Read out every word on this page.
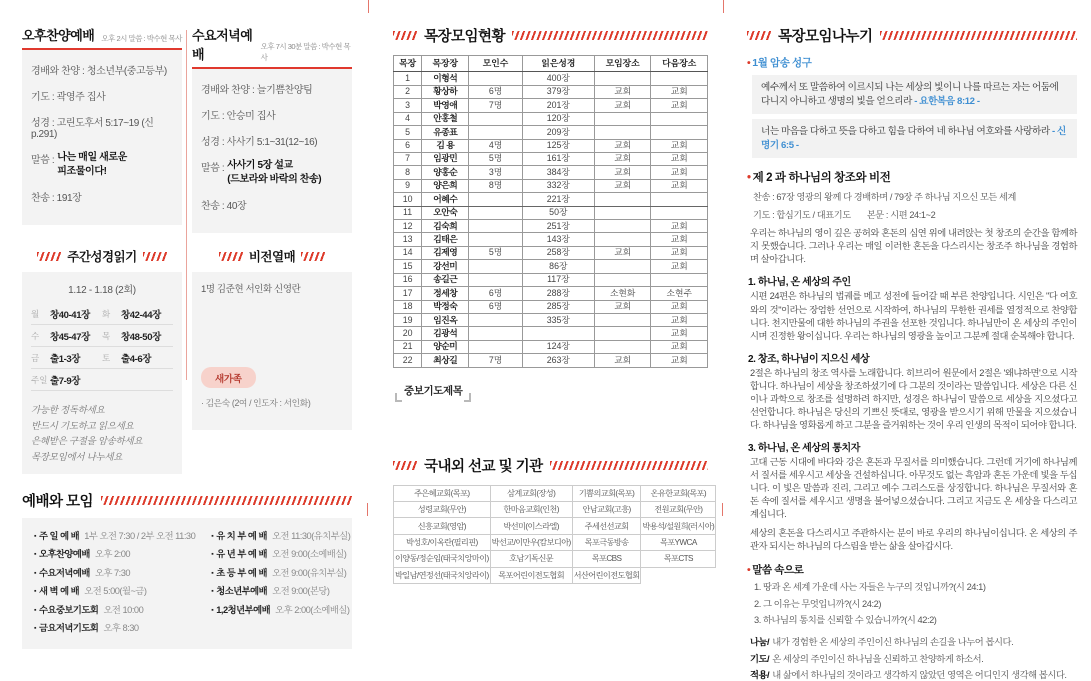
오후찬양예배 오후 2시 말씀 : 박수현 목사
경배와 찬양 : 청소년부(중고등부)
기도 : 곽영주 집사
성경 : 고린도후서 5:17~19 (신p.291)
말씀 : 나는 매일 새로운
피조물이다!
찬송 : 191장
수요저녁예배
오후 7시 30분 말씀 : 박수현 목사
경배와 찬양 : 늘기쁨찬양팀
기도 : 안승미 집사
성경 : 사사기 5:1~31(12~16)
말씀 : 사사기 5장 설교
(드보라와 바락의 찬송)
찬송 : 40장
주간성경읽기
1.12 - 1.18 (2회)
월	창40-41장	화	창42-44장
수	창45-47장	목	창48-50장
금	출1-3장	토	출4-6장
주일 출7-9장
가능한 정독하세요
반드시 기도하고 읽으세요
은혜받은 구절을 암송하세요
목장모임에서 나누세요
비전열매
1명 김준현 서인화 신영란
새가족
· 김은숙 (2여 / 인도자 : 서인화)
예배와 모임
▪ 주 일 예 배 1부 오전 7:30 / 2부 오전 11:30
▪ 오후찬양예배 오후 2:00
▪ 수요저녁예배 오후 7:30
▪ 새 벽 예 배 오전 5:00(월~금)
▪ 수요중보기도회 오전 10:00
▪ 금요저녁기도회 오후 8:30
▪ 유 치 부 예 배 오전 11:30(유치부실)
▪ 유 년 부 예 배 오전 9:00(소예배실)
▪ 초 등 부 예 배 오전 9:00(유치부실)
▪ 청소년부예배 오전 9:00(본당)
▪ 1,2청년부예배 오후 2:00(소예배실)
목장모임현황
목장	목장장	모인수	읽은성경	모임장소	다음장소
1	이형석		400장		
2	황상하	6명	379장	교회	교회
3	박영애	7명	201장	교회	교회
4	안홍철		120장		
5	유종표		209장		
6	김 용	4명	125장	교회	교회
7	임광민	5명	161장	교회	교회
8	양홍순	3명	384장	교회	교회
9	양은희	8명	332장	교회	교회
10	어혜수		221장		
11	오안숙		50장		
12	김숙희		251장		교회
13	김태은		143장		교회
14	김제영	5명	258장	교회	교회
15	강선미		86장		교회
16	송길근		117장		
17	정세창	6명	288장	소현화	소현주
18	박정숙	6명	285장	교회	교회
19	임진옥		335장		교회
20	김광석				교회
21	양순미		124장		교회
22	최상길	7명	263장	교회	교회
중보기도제목
국내외 선교 및 기관
주은혜교회(목포)	삼계교회(장성)	기쁨의교회(목포)	온유한교회(목포)
성령교회(무안)	한마음교회(인천)	안남교회(고흥)	전원교회(무안)
신흥교회(영암)	박선미(이스라엘)	주세선선교회	박용석/설원희(러시아)
박성호/이옥란(필리핀)	박선교/이만우(캄보디아)	목포극동방송	목포YWCA
이양동/정순임(태국치앙마이)	호남기독신문	목포CBS	목포CTS
박일남/연정선(태국치앙라이)	목포어린이전도협회	서산어린이전도협회	
목장모임나누기
• 1월 암송 성구
예수께서 또 말씀하여 이르시되 나는 세상의 빛이니 나를 따르는 자는 어둠에 다니지 아니하고 생명의 빛을 얻으리라 - 요한복음 8:12 -
너는 마음을 다하고 뜻을 다하고 힘을 다하여 네 하나님 여호와를 사랑하라 - 신명기 6:5 -
• 제 2 과 하나님의 창조와 비전
찬송 : 67장 영광의 왕께 다 경배하며 / 79장 주 하나님 지으신 모든 세계
기도 : 합심기도 / 대표기도 본문 : 시편 24:1~2
우리는 하나님의 영이 깊은 공허와 혼돈의 심연 위에 내려앉는 첫 창조의 순간을 함께하지 못했습니다. 그러나 우리는 매일 이러한 혼돈을 다스리시는 창조주 하나님을 경험하며 살아갑니다.
1. 하나님, 온 세상의 주인
시편 24편은 하나님의 법궤를 메고 성전에 들어갈 때 부른 찬양입니다. 시인은 "다 여호와의 것"이라는 장엄한 선언으로 시작하여, 하나님의 무한한 권세를 열정적으로 찬양합니다. 천지만물에 대한 하나님의 주권을 선포한 것입니다. 하나님만이 온 세상의 주인이시며 진정한 왕이십니다. 우리는 하나님의 영광을 높이고 그분께 절대 순복해야 합니다.
2. 창조, 하나님이 지으신 세상
2절은 하나님의 창조 역사를 노래합니다. 히브리어 원문에서 2절은 '왜냐하면'으로 시작합니다. 하나님이 세상을 창조하셨기에 다 그분의 것이라는 말씀입니다. 세상은 다른 신이나 과학으로 창조를 설명하려 하지만, 성경은 하나님이 말씀으로 세상을 지으셨다고 선언합니다. 하나님은 당신의 기쁘신 뜻대로, 영광을 받으시기 위해 만물을 지으셨습니다. 하나님을 영화롭게 하고 그분을 즐거워하는 것이 우리 인생의 목적이 되어야 합니다.
3. 하나님, 온 세상의 통치자
고대 근동 시대에 바다와 강은 혼돈과 무질서를 의미했습니다. 그런데 거기에 하나님께서 질서를 세우시고 세상을 건설하십니다. 아무것도 없는 흑암과 혼돈 가운데 빛을 두십니다. 이 빛은 말씀과 진리, 그리고 예수 그리스도를 상징합니다. 하나님은 무질서와 혼돈 속에 질서를 세우시고 생명을 불어넣으셨습니다. 그리고 지금도 온 세상을 다스리고 계십니다.
세상의 혼돈을 다스리시고 주관하시는 분이 바로 우리의 하나님이십니다. 온 세상의 주관자 되시는 하나님의 다스림을 받는 삶을 살아갑시다.
• 말씀 속으로
1. 땅과 온 세계 가운데 사는 자들은 누구의 것입니까?(시 24:1)
2. 그 이유는 무엇입니까?(시 24:2)
3. 하나님의 통치를 신뢰할 수 있습니까?(시 42:2)
나눔/ 내가 경험한 온 세상의 주인이신 하나님의 손길을 나누어 봅시다.
기도/ 온 세상의 주인이신 하나님을 신뢰하고 찬양하게 하소서.
적용/ 내 삶에서 하나님의 것이라고 생각하지 않았던 영역은 어디인지 생각해 봅시다.
